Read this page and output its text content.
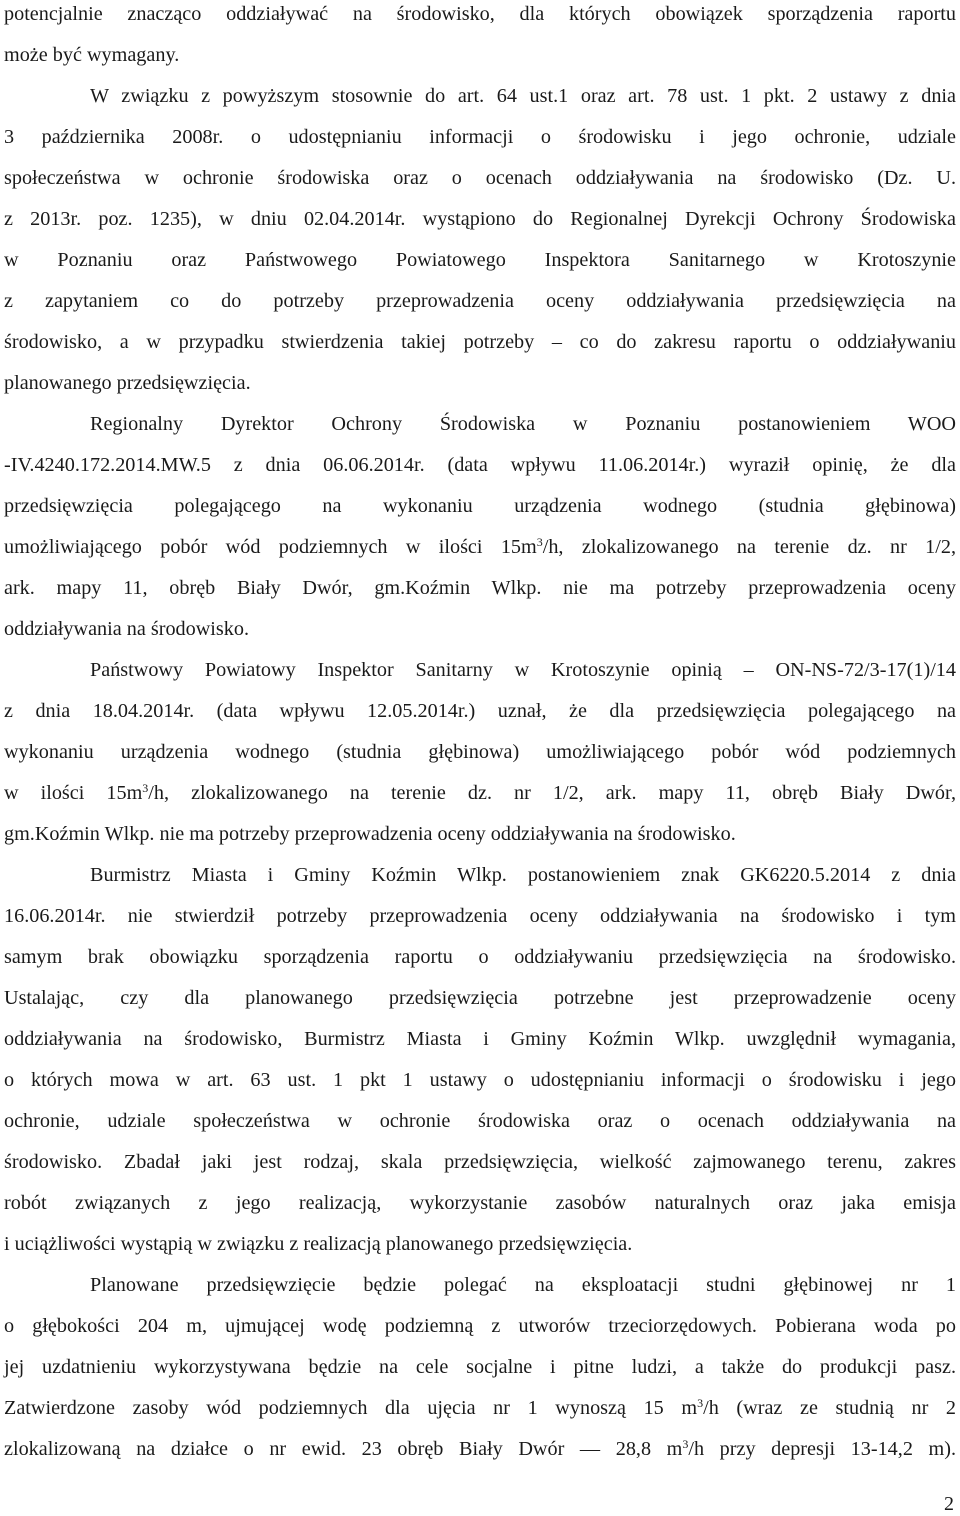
potencjalnie znacząco oddziaływać na środowisko, dla których obowiązek sporządzenia raportu
może być wymagany.
W związku z powyższym stosownie do art. 64 ust.1 oraz art. 78 ust. 1 pkt. 2 ustawy z dnia
3 października 2008r. o udostępnianiu informacji o środowisku i jego ochronie, udziale
społeczeństwa w ochronie środowiska oraz o ocenach oddziaływania na środowisko (Dz. U.
z 2013r. poz. 1235), w dniu 02.04.2014r. wystąpiono do Regionalnej Dyrekcji Ochrony Środowiska
w Poznaniu oraz Państwowego Powiatowego Inspektora Sanitarnego w Krotoszynie
z zapytaniem co do potrzeby przeprowadzenia oceny oddziaływania przedsięwzięcia na
środowisko, a w przypadku stwierdzenia takiej potrzeby – co do zakresu raportu o oddziaływaniu
planowanego przedsięwzięcia.
Regionalny Dyrektor Ochrony Środowiska w Poznaniu postanowieniem WOO
-IV.4240.172.2014.MW.5 z dnia 06.06.2014r. (data wpływu 11.06.2014r.) wyraził opinię, że dla
przedsięwzięcia polegającego na wykonaniu urządzenia wodnego (studnia głębinowa)
umożliwiającego pobór wód podziemnych w ilości $15m^3/h$, zlokalizowanego na terenie dz. nr 1/2,
ark. mapy 11, obręb Biały Dwór, gm.Koźmin Wlkp. nie ma potrzeby przeprowadzenia oceny
oddziaływania na środowisko.
Państwowy Powiatowy Inspektor Sanitarny w Krotoszynie opinią – ON-NS-72/3-17(1)/14
z dnia 18.04.2014r. (data wpływu 12.05.2014r.) uznał, że dla przedsięwzięcia polegającego na
wykonaniu urządzenia wodnego (studnia głębinowa) umożliwiającego pobór wód podziemnych
w ilości $15m^3/h$, zlokalizowanego na terenie dz. nr 1/2, ark. mapy 11, obręb Biały Dwór,
gm.Koźmin Wlkp. nie ma potrzeby przeprowadzenia oceny oddziaływania na środowisko.
Burmistrz Miasta i Gminy Koźmin Wlkp. postanowieniem znak GK6220.5.2014 z dnia
16.06.2014r. nie stwierdził potrzeby przeprowadzenia oceny oddziaływania na środowisko i tym
samym brak obowiązku sporządzenia raportu o oddziaływaniu przedsięwzięcia na środowisko.
Ustalając, czy dla planowanego przedsięwzięcia potrzebne jest przeprowadzenie oceny
oddziaływania na środowisko, Burmistrz Miasta i Gminy Koźmin Wlkp. uwzględnił wymagania,
o których mowa w art. 63 ust. 1 pkt 1 ustawy o udostępnianiu informacji o środowisku i jego
ochronie, udziale społeczeństwa w ochronie środowiska oraz o ocenach oddziaływania na
środowisko. Zbadał jaki jest rodzaj, skala przedsięwzięcia, wielkość zajmowanego terenu, zakres
robót związanych z jego realizacją, wykorzystanie zasobów naturalnych oraz jaka emisja
i uciążliwości wystąpią w związku z realizacją planowanego przedsięwzięcia.
Planowane przedsięwzięcie będzie polegać na eksploatacji studni głębinowej nr 1
o głębokości 204 m, ujmującej wodę podziemną z utworów trzeciorzędowych. Pobierana woda po
jej uzdatnieniu wykorzystywana będzie na cele socjalne i pitne ludzi, a także do produkcji pasz.
Zatwierdzone zasoby wód podziemnych dla ujęcia nr 1 wynoszą 15 $m^3/h$ (wraz ze studnią nr 2
zlokalizowaną na działce o nr ewid. 23 obręb Biały Dwór –– 28,8 $m^3/h$ przy depresji 13-14,2 m).
2
